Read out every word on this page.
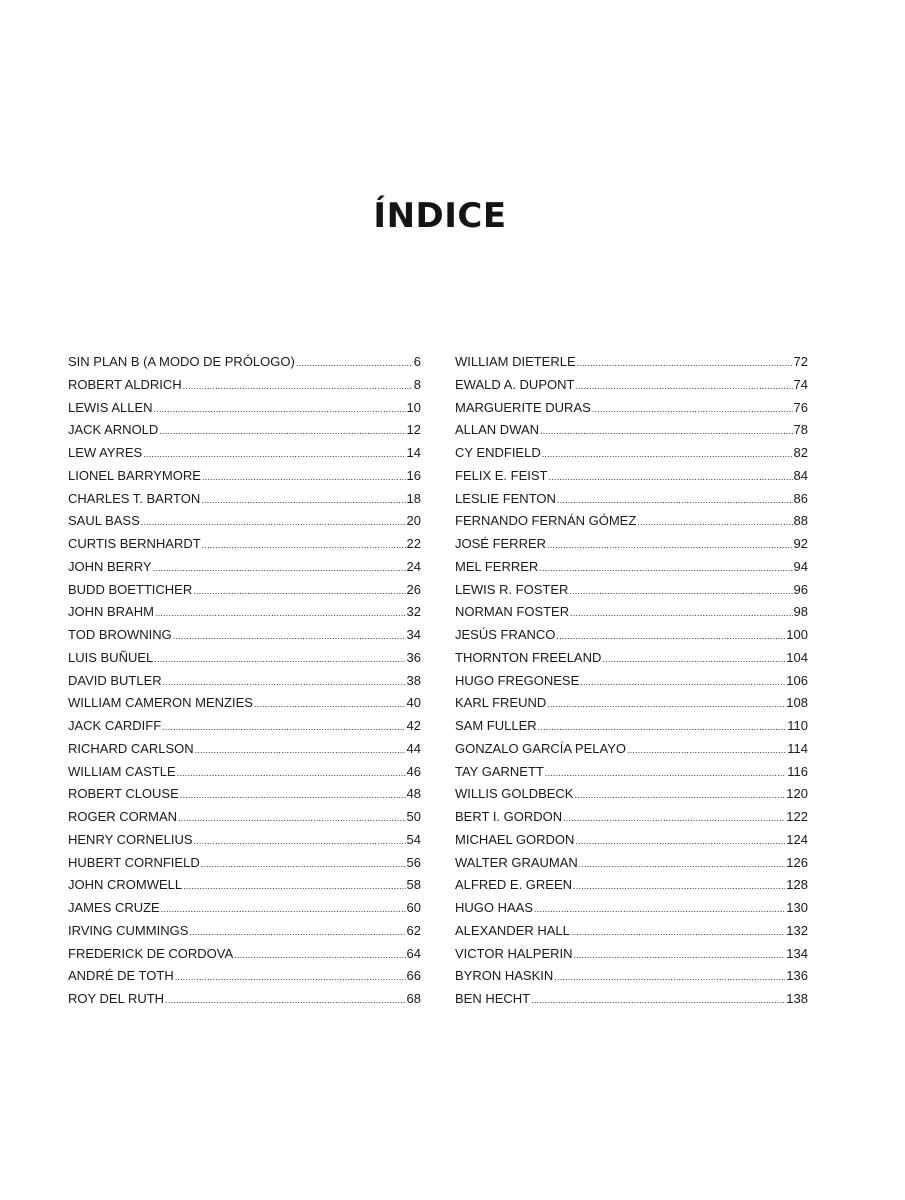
ÍNDICE
SIN PLAN B (A MODO DE PRÓLOGO) .....	6
ROBERT ALDRICH .....	8
LEWIS ALLEN .....	10
JACK ARNOLD .....	12
LEW AYRES .....	14
LIONEL BARRYMORE .....	16
CHARLES T. BARTON .....	18
SAUL BASS .....	20
CURTIS BERNHARDT .....	22
JOHN BERRY .....	24
BUDD BOETTICHER .....	26
JOHN BRAHM .....	32
TOD BROWNING .....	34
LUIS BUÑUEL .....	36
DAVID BUTLER .....	38
WILLIAM CAMERON MENZIES .....	40
JACK CARDIFF .....	42
RICHARD CARLSON .....	44
WILLIAM CASTLE .....	46
ROBERT CLOUSE .....	48
ROGER CORMAN .....	50
HENRY CORNELIUS .....	54
HUBERT CORNFIELD .....	56
JOHN CROMWELL .....	58
JAMES CRUZE .....	60
IRVING CUMMINGS .....	62
FREDERICK DE CORDOVA .....	64
ANDRÉ DE TOTH .....	66
ROY DEL RUTH .....	68
WILLIAM DIETERLE .....	72
EWALD A. DUPONT .....	74
MARGUERITE DURAS .....	76
ALLAN DWAN .....	78
CY ENDFIELD .....	82
FELIX E. FEIST .....	84
LESLIE FENTON .....	86
FERNANDO FERNÁN GÓMEZ .....	88
JOSÉ FERRER .....	92
MEL FERRER .....	94
LEWIS R. FOSTER .....	96
NORMAN FOSTER .....	98
JESÚS FRANCO .....	100
THORNTON FREELAND .....	104
HUGO FREGONESE .....	106
KARL FREUND .....	108
SAM FULLER .....	110
GONZALO GARCÍA PELAYO .....	114
TAY GARNETT .....	116
WILLIS GOLDBECK .....	120
BERT I. GORDON .....	122
MICHAEL GORDON .....	124
WALTER GRAUMAN .....	126
ALFRED E. GREEN .....	128
HUGO HAAS .....	130
ALEXANDER HALL .....	132
VICTOR HALPERIN .....	134
BYRON HASKIN .....	136
BEN HECHT .....	138
